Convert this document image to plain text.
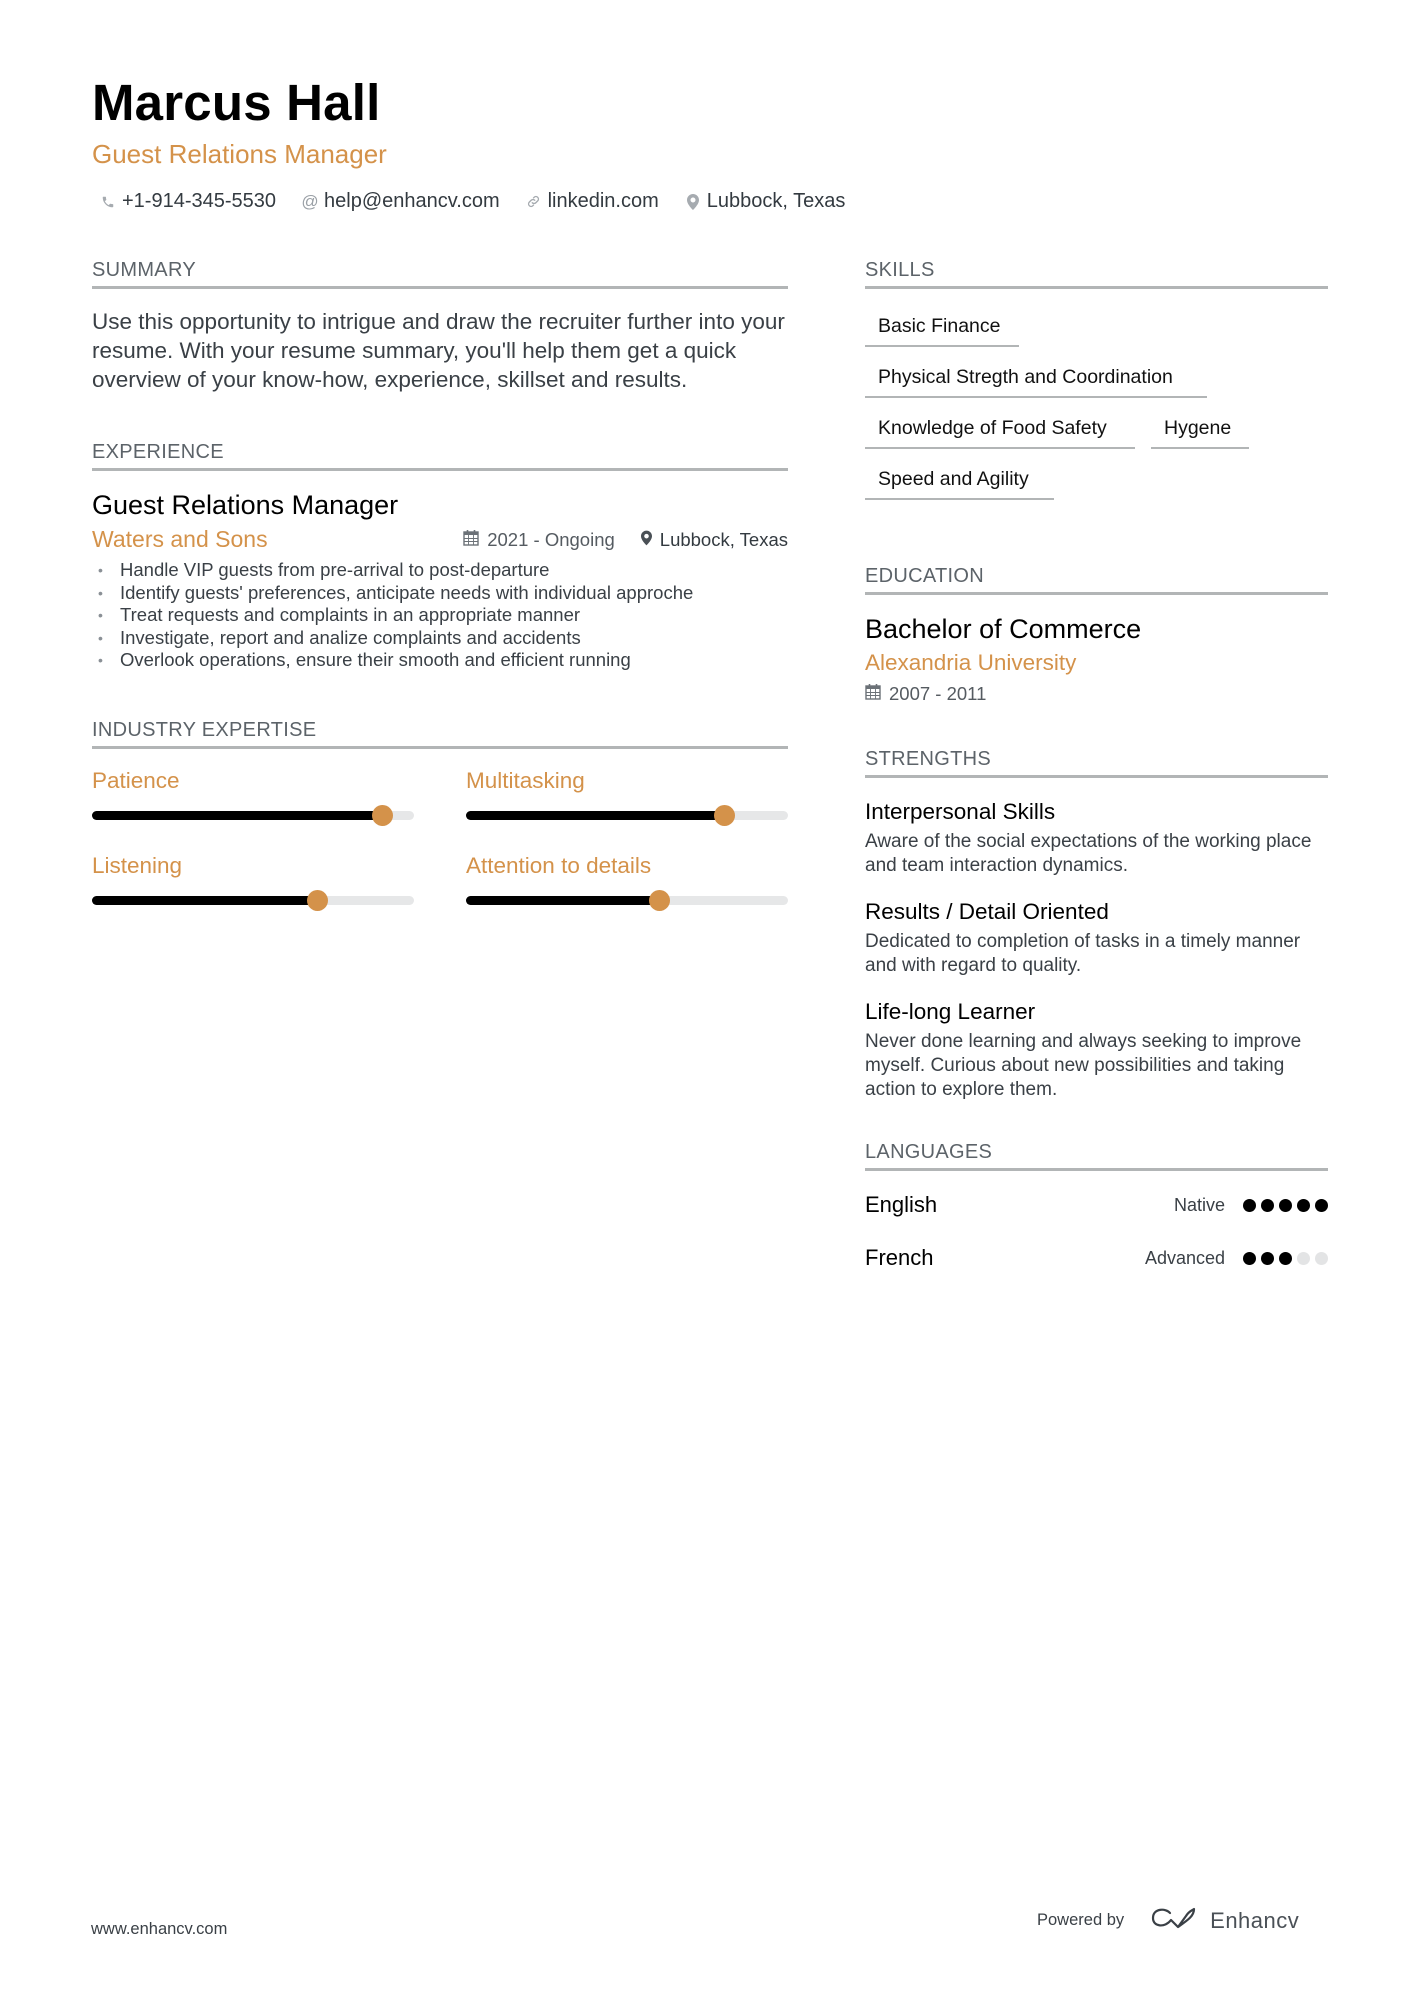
Marcus Hall
Guest Relations Manager
+1-914-345-5530 @ help@enhancv.com linkedin.com Lubbock, Texas
SUMMARY

Use this opportunity to intrigue and draw the recruiter further into your resume. With your resume summary, you'll help them get a quick overview of your know-how, experience, skillset and results.

EXPERIENCE
Guest Relations Manager
Waters and Sons	2021 - Ongoing Lubbock, Texas
• Handle VIP guests from pre-arrival to post-departure
• Identify guests' preferences, anticipate needs with individual approche
• Treat requests and complaints in an appropriate manner
• Investigate, report and analize complaints and accidents
• Overlook operations, ensure their smooth and efficient running
INDUSTRY EXPERTISE
Patience	Multitasking
Listening	Attention to details
SKILLS
Basic Finance
Physical Stregth and Coordination
Knowledge of Food Safety	Hygene
Speed and Agility
EDUCATION
Bachelor of Commerce
Alexandria University
2007 - 2011
STRENGTHS
Interpersonal Skills
Aware of the social expectations of the working place and team interaction dynamics.
Results / Detail Oriented
Dedicated to completion of tasks in a timely manner and with regard to quality.
Life-long Learner
Never done learning and always seeking to improve myself. Curious about new possibilities and taking action to explore them.
LANGUAGES
English	Native
French	Advanced
www.enhancv.com	Powered by	Enhancv
